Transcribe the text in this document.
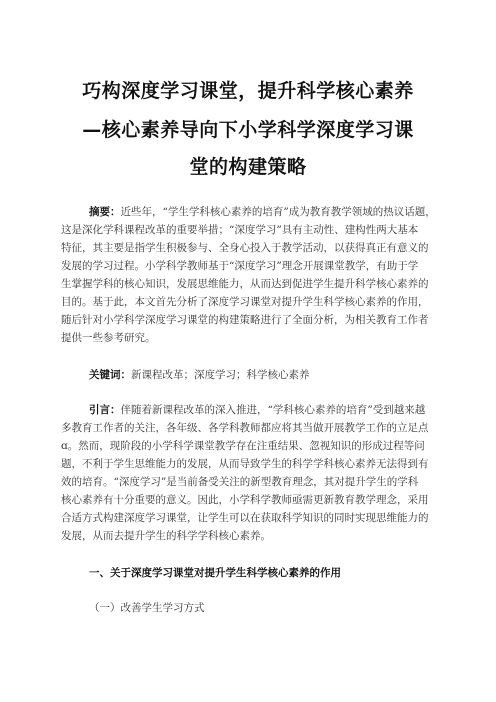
巧构深度学习课堂，提升科学核心素养
—核心素养导向下小学科学深度学习课
堂的构建策略
摘要：近些年，“学生学科核心素养的培育”成为教育教学领域的热议话题，
这是深化学科课程改革的重要举措；“深度学习”具有主动性、建构性两大基本
特征，其主要是指学生积极参与、全身心投入于教学活动，以获得真正有意义的
发展的学习过程。小学科学教师基于“深度学习”理念开展课堂教学，有助于学
生掌握学科的核心知识，发展思维能力，从而达到促进学生提升科学核心素养的
目的。基于此，本文首先分析了深度学习课堂对提升学生科学核心素养的作用，
随后针对小学科学深度学习课堂的构建策略进行了全面分析，为相关教育工作者
提供一些参考研究。
关键词：新课程改革；深度学习；科学核心素养
引言：伴随着新课程改革的深入推进，“学科核心素养的培育”受到越来越
多教育工作者的关注，各年级、各学科教师都应将其当做开展教学工作的立足点
ɑ。然而，现阶段的小学科学课堂教学存在注重结果、忽视知识的形成过程等问
题，不利于学生思维能力的发展，从而导致学生的科学学科核心素养无法得到有
效的培育。“深度学习”是当前备受关注的新型教育理念，其对提升学生的学科
核心素养有十分重要的意义。因此，小学科学教师亟需更新教育教学理念，采用
合适方式构建深度学习课堂，让学生可以在获取科学知识的同时实现思维能力的
发展，从而去提升学生的科学学科核心素养。
一、关于深度学习课堂对提升学生科学核心素养的作用
（一）改善学生学习方式
